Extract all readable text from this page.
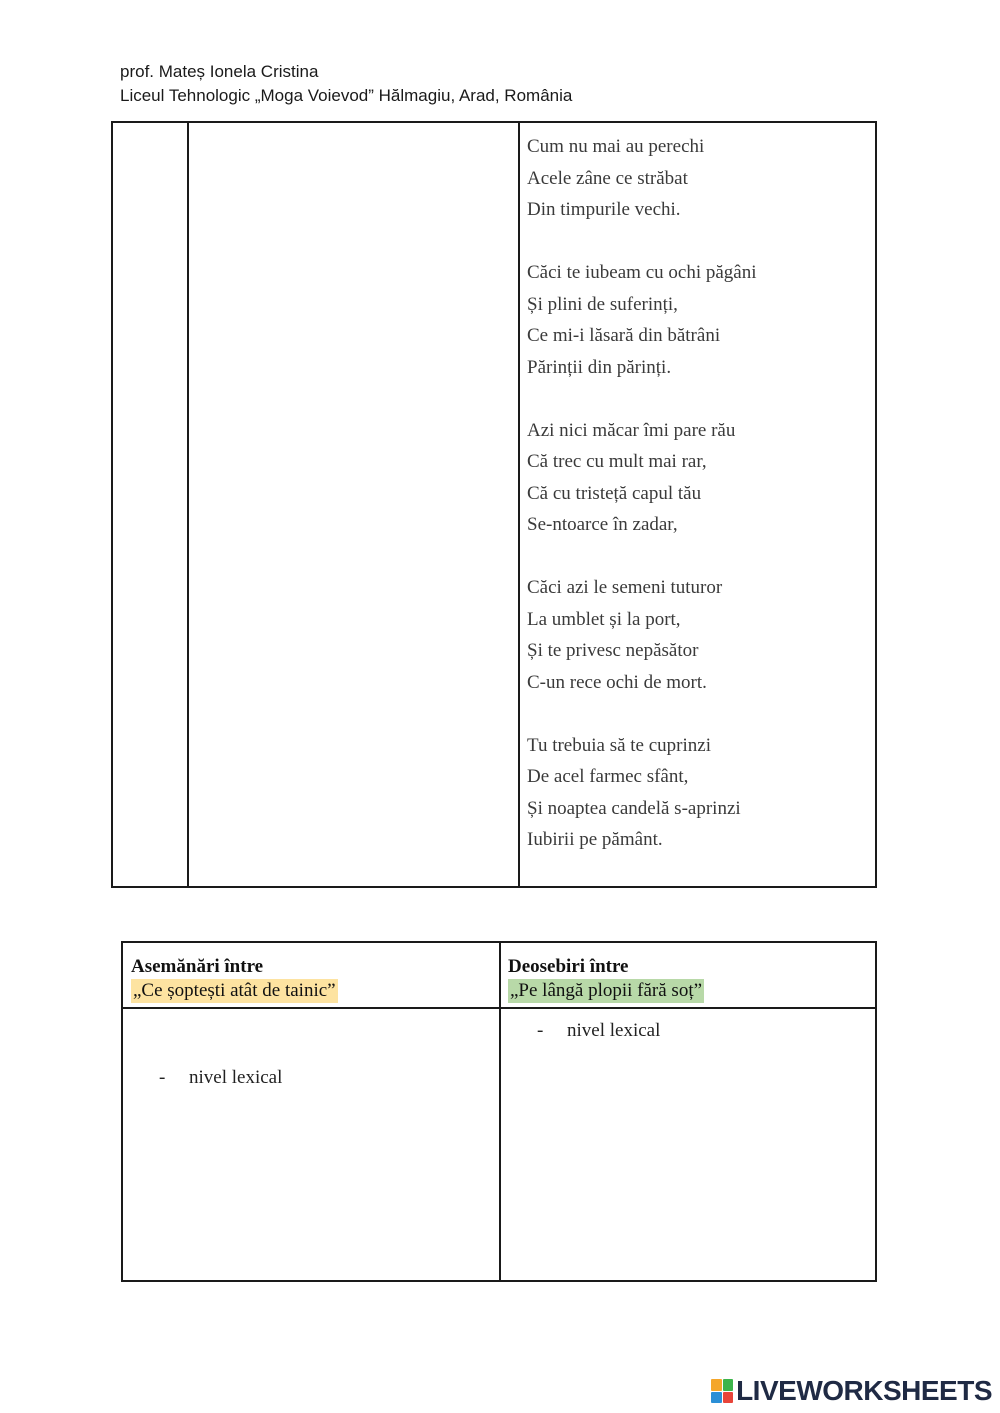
prof. Mateș Ionela Cristina
Liceul Tehnologic „Moga Voievod” Hălmagiu, Arad, România
Cum nu mai au perechi
Acele zâne ce străbat
Din timpurile vechi.
Căci te iubeam cu ochi păgâni
Și plini de suferinți,
Ce mi-i lăsară din bătrâni
Părinții din părinți.
Azi nici măcar îmi pare rău
Că trec cu mult mai rar,
Că cu tristeță capul tău
Se-ntoarce în zadar,
Căci azi le semeni tuturor
La umblet și la port,
Și te privesc nepăsător
C-un rece ochi de mort.
Tu trebuia să te cuprinzi
De acel farmec sfânt,
Și noaptea candelă s-aprinzi
Iubirii pe pământ.
Asemănări între
„Ce șoptești atât de tainic”
Deosebiri între
„Pe lângă plopii fără soț”
- nivel lexical
- nivel lexical
LIVEWORKSHEETS
